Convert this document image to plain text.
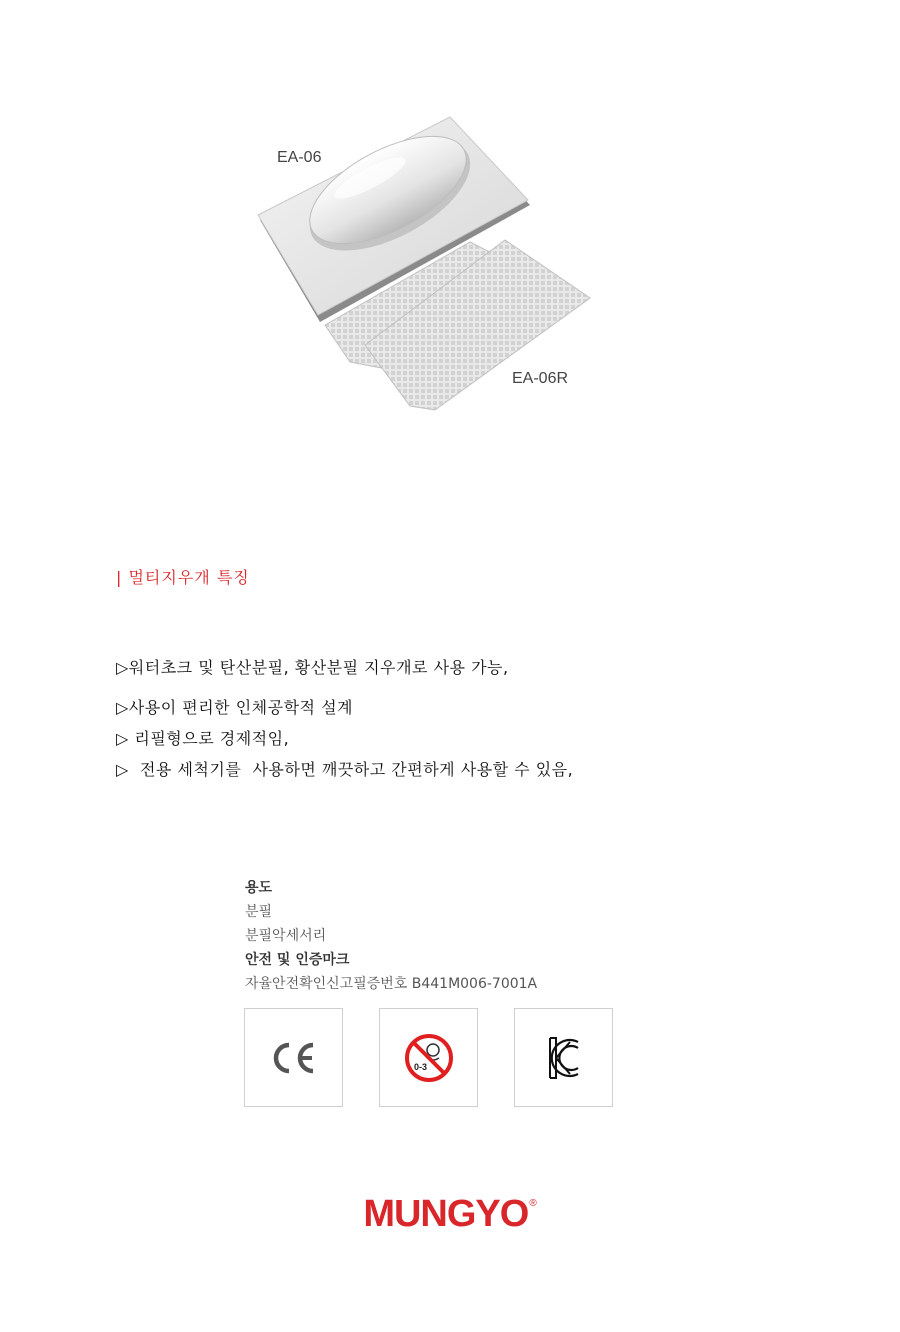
EA-06
EA-06R
| 멀티지우개 특징
▷워터초크 및 탄산분필, 황산분필 지우개로 사용 가능,
▷사용이 편리한 인체공학적 설계
▷ 리필형으로 경제적임,
▷  전용 세척기를  사용하면 깨끗하고 간편하게 사용할 수 있음,
용도
분필
분필악세서리
안전 및 인증마크
자율안전확인신고필증번호 B441M006-7001A
0-3
MUNGYO®
